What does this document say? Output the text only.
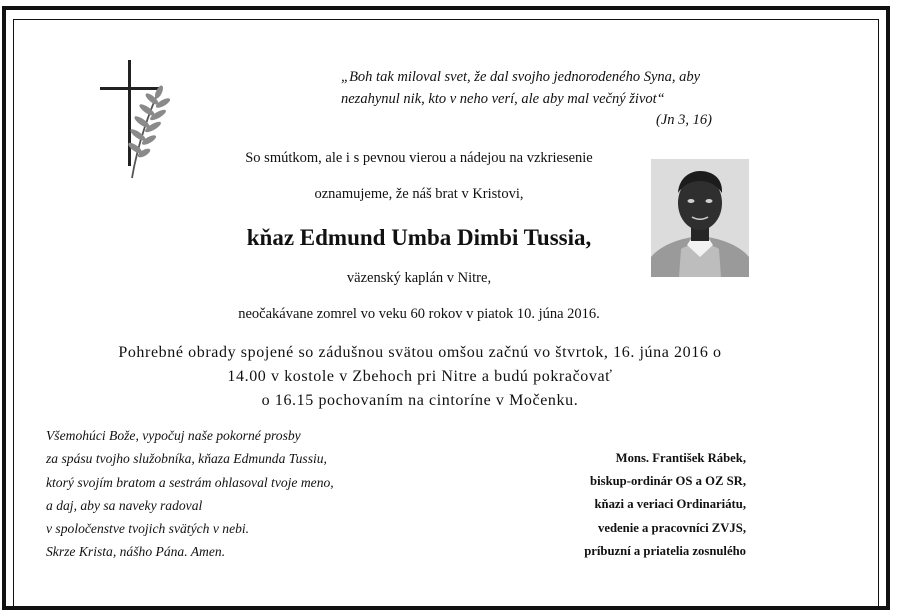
„Boh tak miloval svet, že dal svojho jednorodeného Syna, aby
nezahynul nik, kto v neho verí, ale aby mal večný život“
(Jn 3, 16)
So smútkom, ale i s pevnou vierou a nádejou na vzkriesenie
oznamujeme, že náš brat v Kristovi,
kňaz Edmund Umba Dimbi Tussia,
väzenský kaplán v Nitre,
neočakávane zomrel vo veku 60 rokov v piatok 10. júna 2016.
Pohrebné obrady spojené so zádušnou svätou omšou začnú vo štvrtok, 16. júna 2016 o
14.00 v kostole v Zbehoch pri Nitre a budú pokračovať
o 16.15 pochovaním na cintoríne v Močenku.
Všemohúci Bože, vypočuj naše pokorné prosby
za spásu tvojho služobníka, kňaza Edmunda Tussiu,
ktorý svojím bratom a sestrám ohlasoval tvoje meno,
a daj, aby sa naveky radoval
v spoločenstve tvojich svätých v nebi.
Skrze Krista, nášho Pána. Amen.
Mons. František Rábek,
biskup-ordinár OS a OZ SR,
kňazi a veriaci Ordinariátu,
vedenie a pracovníci ZVJS,
príbuzní a priatelia zosnulého
